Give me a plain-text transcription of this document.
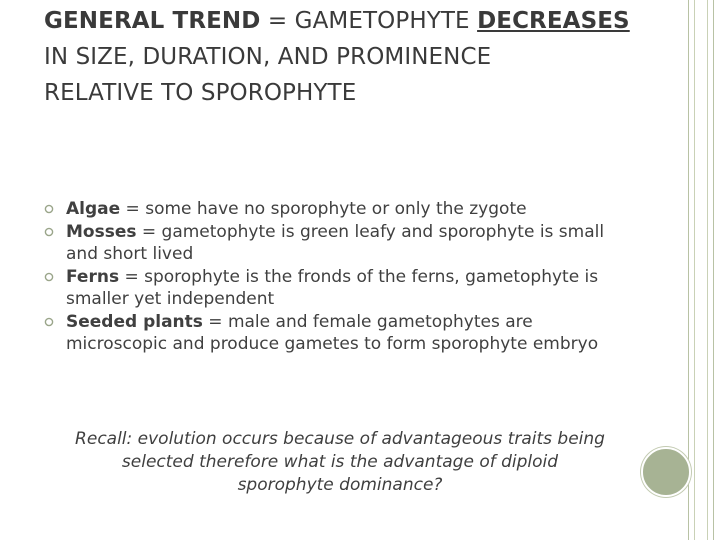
GENERAL TREND = GAMETOPHYTE DECREASES
IN SIZE, DURATION, AND PROMINENCE
RELATIVE TO SPOROPHYTE
Algae = some have no sporophyte or only the zygote
Mosses = gametophyte is green leafy and sporophyte is small and short lived
Ferns = sporophyte is the fronds of the ferns, gametophyte is smaller yet independent
Seeded plants = male and female gametophytes are microscopic and produce gametes to form sporophyte embryo
Recall: evolution occurs because of advantageous traits being
selected therefore what is the advantage of diploid
sporophyte dominance?
